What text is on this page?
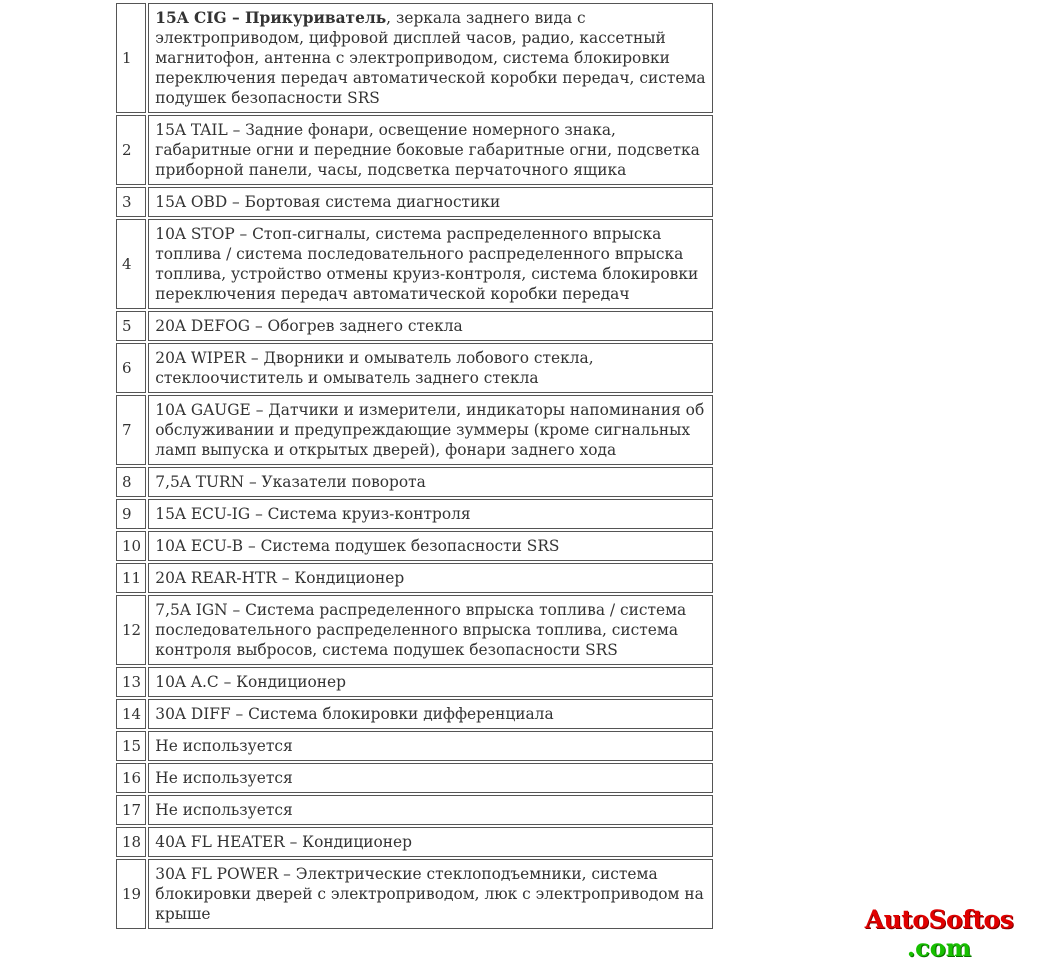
1	15A CIG – Прикуриватель, зеркала заднего вида с электроприводом, цифровой дисплей часов, радио, кассетный магнитофон, антенна с электроприводом, система блокировки переключения передач автоматической коробки передач, система подушек безопасности SRS
2	15A TAIL – Задние фонари, освещение номерного знака, габаритные огни и передние боковые габаритные огни, подсветка приборной панели, часы, подсветка перчаточного ящика
3	15A OBD – Бортовая система диагностики
4	10A STOP – Стоп-сигналы, система распределенного впрыска топлива / система последовательного распределенного впрыска топлива, устройство отмены круиз-контроля, система блокировки переключения передач автоматической коробки передач
5	20A DEFOG – Обогрев заднего стекла
6	20A WIPER – Дворники и омыватель лобового стекла, стеклоочиститель и омыватель заднего стекла
7	10A GAUGE – Датчики и измерители, индикаторы напоминания об обслуживании и предупреждающие зуммеры (кроме сигнальных ламп выпуска и открытых дверей), фонари заднего хода
8	7,5A TURN – Указатели поворота
9	15A ECU-IG – Система круиз-контроля
10	10A ECU-B – Система подушек безопасности SRS
11	20A REAR-HTR – Кондиционер
12	7,5A IGN – Система распределенного впрыска топлива / система последовательного распределенного впрыска топлива, система контроля выбросов, система подушек безопасности SRS
13	10A A.C – Кондиционер
14	30A DIFF – Система блокировки дифференциала
15	Не используется
16	Не используется
17	Не используется
18	40A FL HEATER – Кондиционер
19	30A FL POWER – Электрические стеклоподъемники, система блокировки дверей с электроприводом, люк с электроприводом на крыше	AutoSoftos
.com
